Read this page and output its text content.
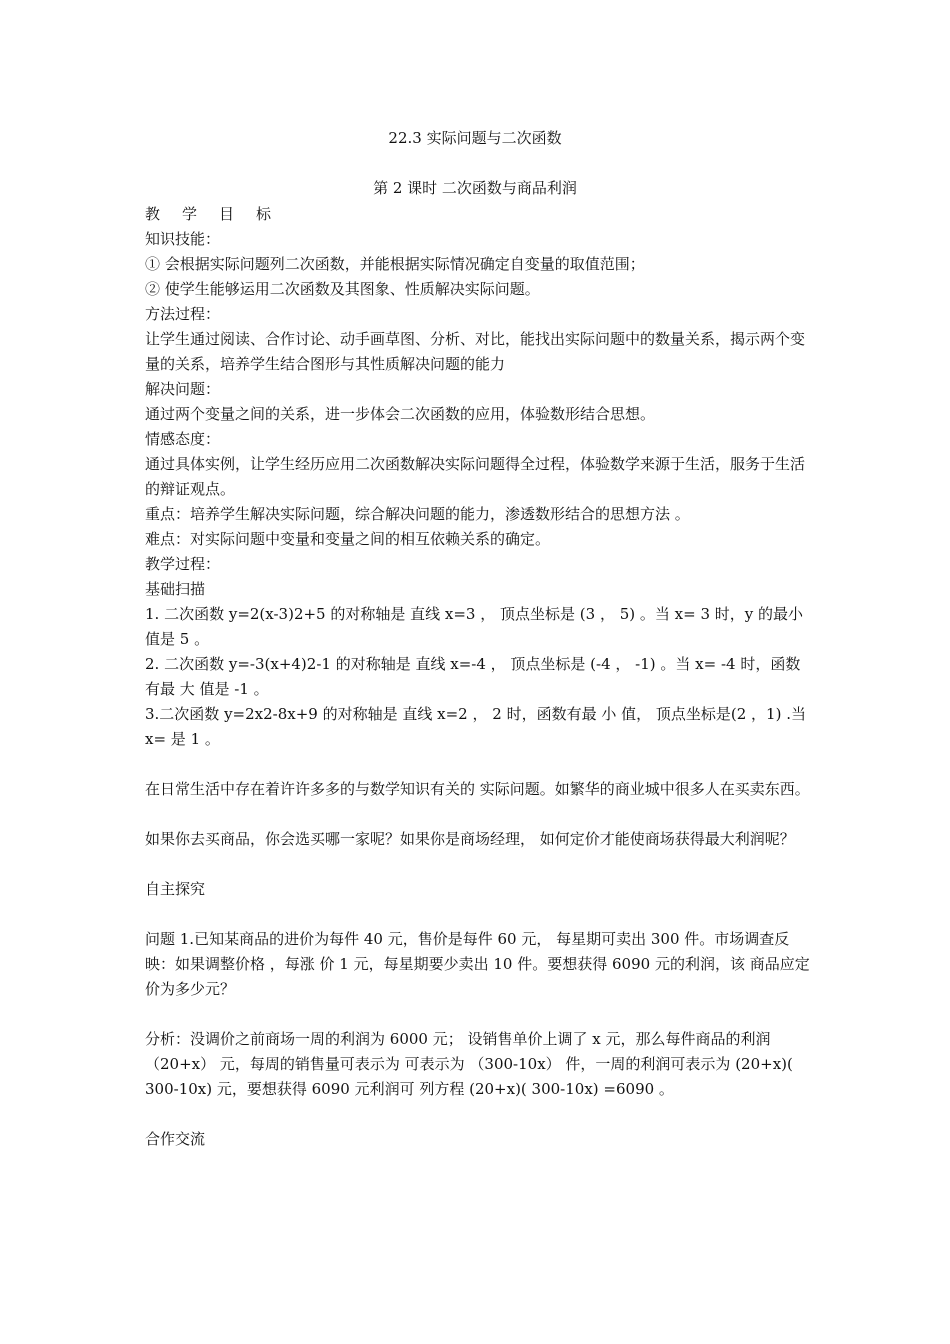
22.3 实际问题与二次函数
第 2 课时 二次函数与商品利润

教学目标

知识技能：

① 会根据实际问题列二次函数，并能根据实际情况确定自变量的取值范围；

② 使学生能够运用二次函数及其图象、性质解决实际问题。

方法过程：

让学生通过阅读、合作讨论、动手画草图、分析、对比，能找出实际问题中的数量关系，揭示两个变量的关系，培养学生结合图形与其性质解决问题的能力

解决问题：

通过两个变量之间的关系，进一步体会二次函数的应用，体验数形结合思想。

情感态度：

通过具体实例，让学生经历应用二次函数解决实际问题得全过程，体验数学来源于生活，服务于生活的辩证观点。

重点：培养学生解决实际问题，综合解决问题的能力，渗透数形结合的思想方法 。

难点：对实际问题中变量和变量之间的相互依赖关系的确定。

教学过程：

基础扫描

1. 二次函数 y=2(x-3)2+5 的对称轴是 直线 x=3 ， 顶点坐标是 (3 ， 5) 。当 x= 3 时，y 的最小 值是 5 。

2. 二次函数 y=-3(x+4)2-1 的对称轴是 直线 x=-4 ， 顶点坐标是 (-4 ， -1) 。当 x= -4 时，函数有最 大 值是 -1 。

3.二次函数 y=2x2-8x+9 的对称轴是 直线 x=2 ， 2 时，函数有最 小 值， 顶点坐标是(2 ，1) .当 x= 是 1 。

在日常生活中存在着许许多多的与数学知识有关的 实际问题。如繁华的商业城中很多人在买卖东西。

如果你去买商品，你会选买哪一家呢？如果你是商场经理， 如何定价才能使商场获得最大利润呢？

自主探究

问题 1.已知某商品的进价为每件 40 元，售价是每件 60 元， 每星期可卖出 300 件。市场调查反映：如果调整价格 ，每涨 价 1 元，每星期要少卖出 10 件。要想获得 6090 元的利润，该 商品应定价为多少元？

分析：没调价之前商场一周的利润为 6000 元； 设销售单价上调了 x 元，那么每件商品的利润 （20+x） 元，每周的销售量可表示为 可表示为 （300-10x） 件，一周的利润可表示为 (20+x)( 300-10x) 元，要想获得 6090 元利润可 列方程 (20+x)( 300-10x) =6090 。

合作交流
